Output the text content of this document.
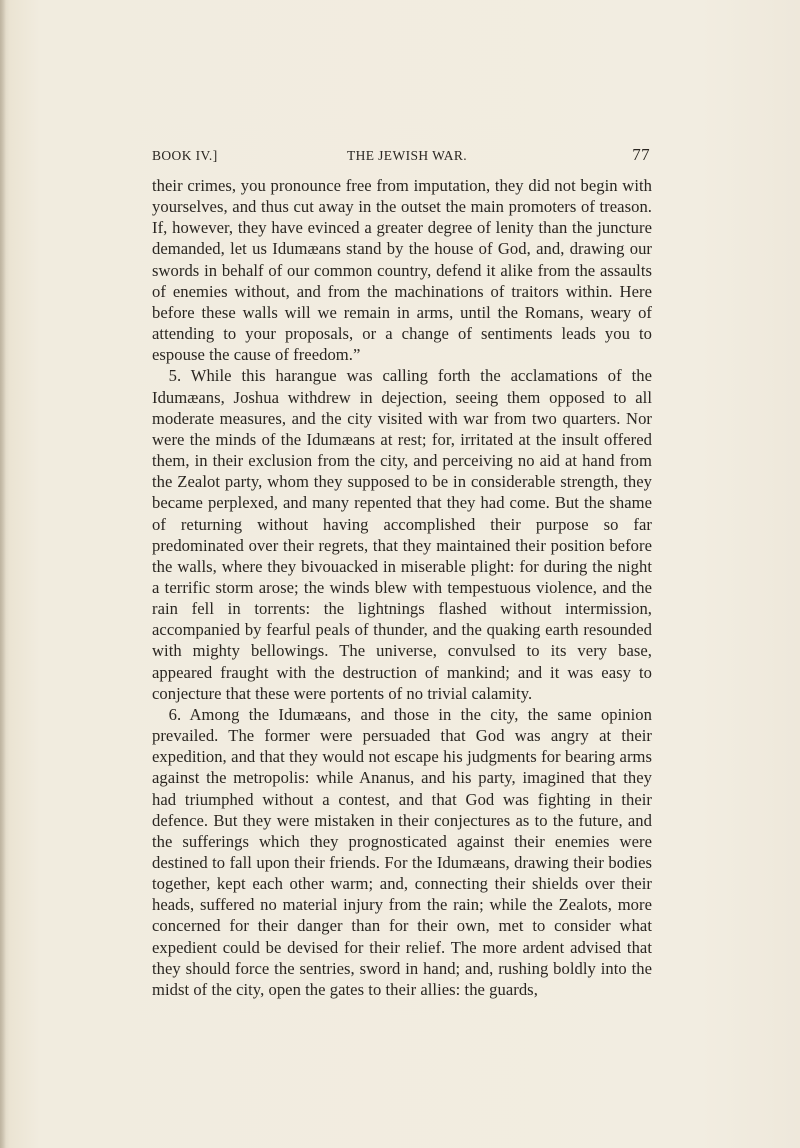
BOOK IV.]	THE JEWISH WAR.	77

their crimes, you pronounce free from imputation, they did not begin with yourselves, and thus cut away in the outset the main promoters of treason. If, however, they have evinced a greater degree of lenity than the juncture demanded, let us Idumæans stand by the house of God, and, drawing our swords in behalf of our common country, defend it alike from the assaults of enemies without, and from the machinations of traitors within. Here before these walls will we remain in arms, until the Romans, weary of attending to your proposals, or a change of sentiments leads you to espouse the cause of freedom.”

5. While this harangue was calling forth the acclamations of the Idumæans, Joshua withdrew in dejection, seeing them opposed to all moderate measures, and the city visited with war from two quarters. Nor were the minds of the Idumæans at rest; for, irritated at the insult offered them, in their exclusion from the city, and perceiving no aid at hand from the Zealot party, whom they supposed to be in considerable strength, they became perplexed, and many repented that they had come. But the shame of returning without having accomplished their purpose so far predominated over their regrets, that they maintained their position before the walls, where they bivouacked in miserable plight: for during the night a terrific storm arose; the winds blew with tempestuous violence, and the rain fell in torrents: the lightnings flashed without intermission, accompanied by fearful peals of thunder, and the quaking earth resounded with mighty bellowings. The universe, convulsed to its very base, appeared fraught with the destruction of mankind; and it was easy to conjecture that these were portents of no trivial calamity.

6. Among the Idumæans, and those in the city, the same opinion prevailed. The former were persuaded that God was angry at their expedition, and that they would not escape his judgments for bearing arms against the metropolis: while Ananus, and his party, imagined that they had triumphed without a contest, and that God was fighting in their defence. But they were mistaken in their conjectures as to the future, and the sufferings which they prognosticated against their enemies were destined to fall upon their friends. For the Idumæans, drawing their bodies together, kept each other warm; and, connecting their shields over their heads, suffered no material injury from the rain; while the Zealots, more concerned for their danger than for their own, met to consider what expedient could be devised for their relief. The more ardent advised that they should force the sentries, sword in hand; and, rushing boldly into the midst of the city, open the gates to their allies: the guards,
